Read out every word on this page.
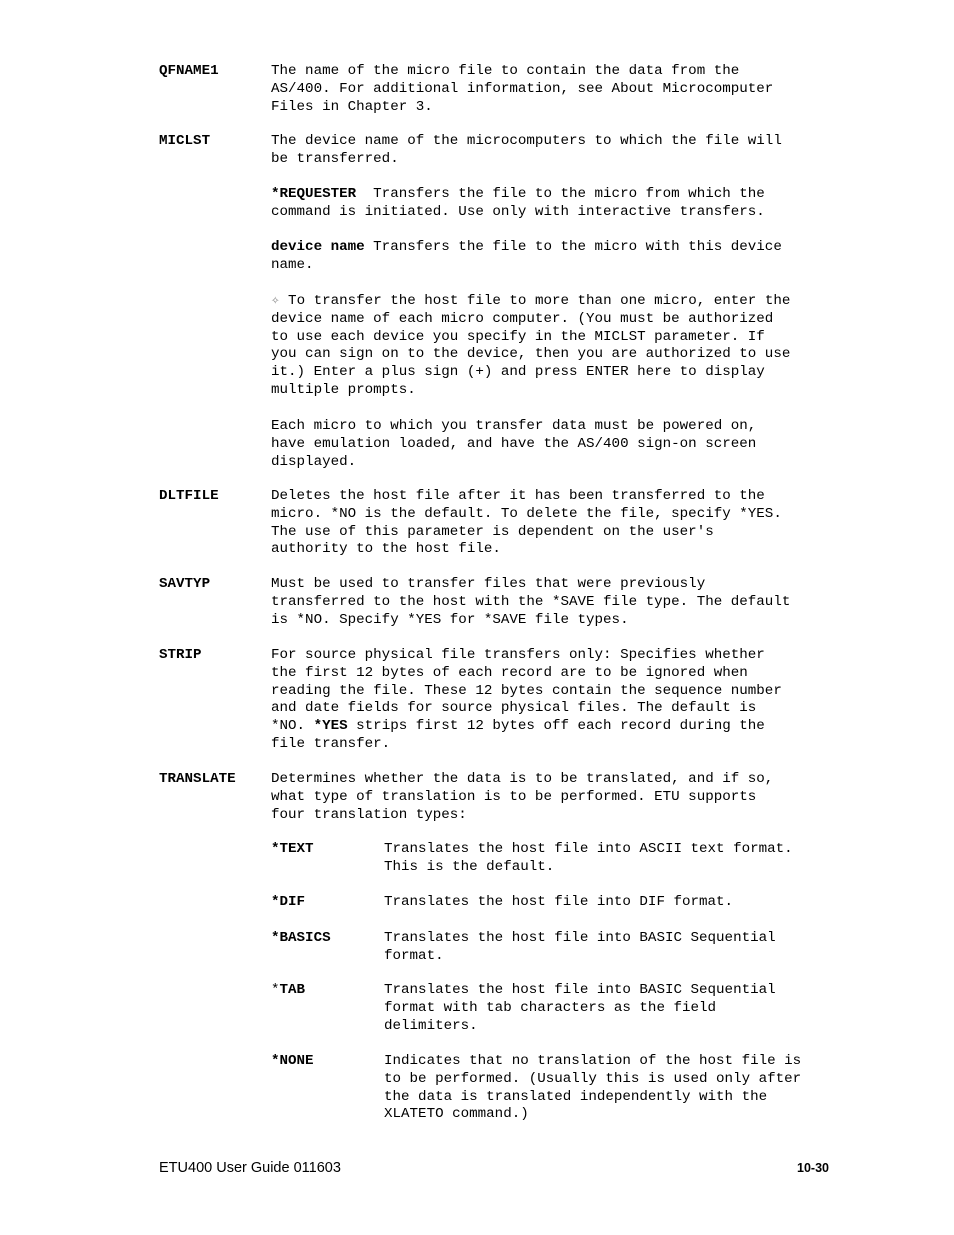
QFNAME1	The name of the micro file to contain the data from the
AS/400. For additional information, see About Microcomputer
Files in Chapter 3.
MICLST	The device name of the microcomputers to which the file will
be transferred.
*REQUESTER  Transfers the file to the micro from which the
command is initiated. Use only with interactive transfers.
device name Transfers the file to the micro with this device
name.
✧ To transfer the host file to more than one micro, enter the
device name of each micro computer. (You must be authorized
to use each device you specify in the MICLST parameter. If
you can sign on to the device, then you are authorized to use
it.) Enter a plus sign (+) and press ENTER here to display
multiple prompts.
Each micro to which you transfer data must be powered on,
have emulation loaded, and have the AS/400 sign-on screen
displayed.
DLTFILE	Deletes the host file after it has been transferred to the
micro. *NO is the default. To delete the file, specify *YES.
The use of this parameter is dependent on the user's
authority to the host file.
SAVTYP	Must be used to transfer files that were previously
transferred to the host with the *SAVE file type. The default
is *NO. Specify *YES for *SAVE file types.
STRIP	For source physical file transfers only: Specifies whether
the first 12 bytes of each record are to be ignored when
reading the file. These 12 bytes contain the sequence number
and date fields for source physical files. The default is
*NO. *YES strips first 12 bytes off each record during the
file transfer.
TRANSLATE Determines whether the data is to be translated, and if so,
what type of translation is to be performed. ETU supports
four translation types:
*TEXT	Translates the host file into ASCII text format.
This is the default.
*DIF	Translates the host file into DIF format.
*BASICS	Translates the host file into BASIC Sequential
format.
*TAB	Translates the host file into BASIC Sequential
format with tab characters as the field
delimiters.
*NONE	Indicates that no translation of the host file is
to be performed. (Usually this is used only after
the data is translated independently with the
XLATETO command.)
ETU400 User Guide 011603	10-30
